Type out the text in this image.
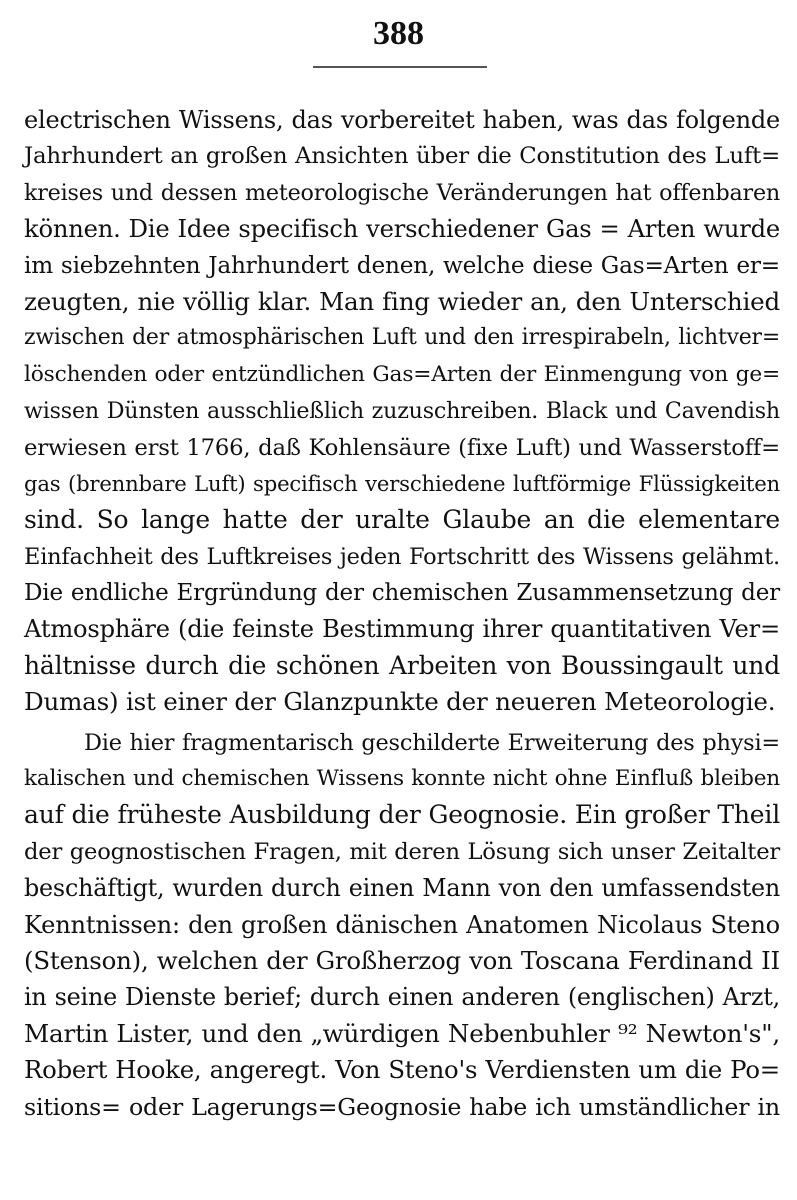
388
electrischen Wissens, das vorbereitet haben, was das folgende
Jahrhundert an großen Ansichten über die Constitution des Luft=
kreises und dessen meteorologische Veränderungen hat offenbaren
können. Die Idee specifisch verschiedener Gas = Arten wurde
im siebzehnten Jahrhundert denen, welche diese Gas=Arten er=
zeugten, nie völlig klar. Man fing wieder an, den Unterschied
zwischen der atmosphärischen Luft und den irrespirabeln, lichtver=
löschenden oder entzündlichen Gas=Arten der Einmengung von ge=
wissen Dünsten ausschließlich zuzuschreiben. Black und Cavendish
erwiesen erst 1766, daß Kohlensäure (fixe Luft) und Wasserstoff=
gas (brennbare Luft) specifisch verschiedene luftförmige Flüssigkeiten
sind. So lange hatte der uralte Glaube an die elementare
Einfachheit des Luftkreises jeden Fortschritt des Wissens gelähmt.
Die endliche Ergründung der chemischen Zusammensetzung der
Atmosphäre (die feinste Bestimmung ihrer quantitativen Ver=
hältnisse durch die schönen Arbeiten von Boussingault und
Dumas) ist einer der Glanzpunkte der neueren Meteorologie.
Die hier fragmentarisch geschilderte Erweiterung des physi=
kalischen und chemischen Wissens konnte nicht ohne Einfluß bleiben
auf die früheste Ausbildung der Geognosie. Ein großer Theil
der geognostischen Fragen, mit deren Lösung sich unser Zeitalter
beschäftigt, wurden durch einen Mann von den umfassendsten
Kenntnissen: den großen dänischen Anatomen Nicolaus Steno
(Stenson), welchen der Großherzog von Toscana Ferdinand II
in seine Dienste berief; durch einen anderen (englischen) Arzt,
Martin Lister, und den „würdigen Nebenbuhler ⁹² Newton's",
Robert Hooke, angeregt. Von Steno's Verdiensten um die Po=
sitions= oder Lagerungs=Geognosie habe ich umständlicher in
